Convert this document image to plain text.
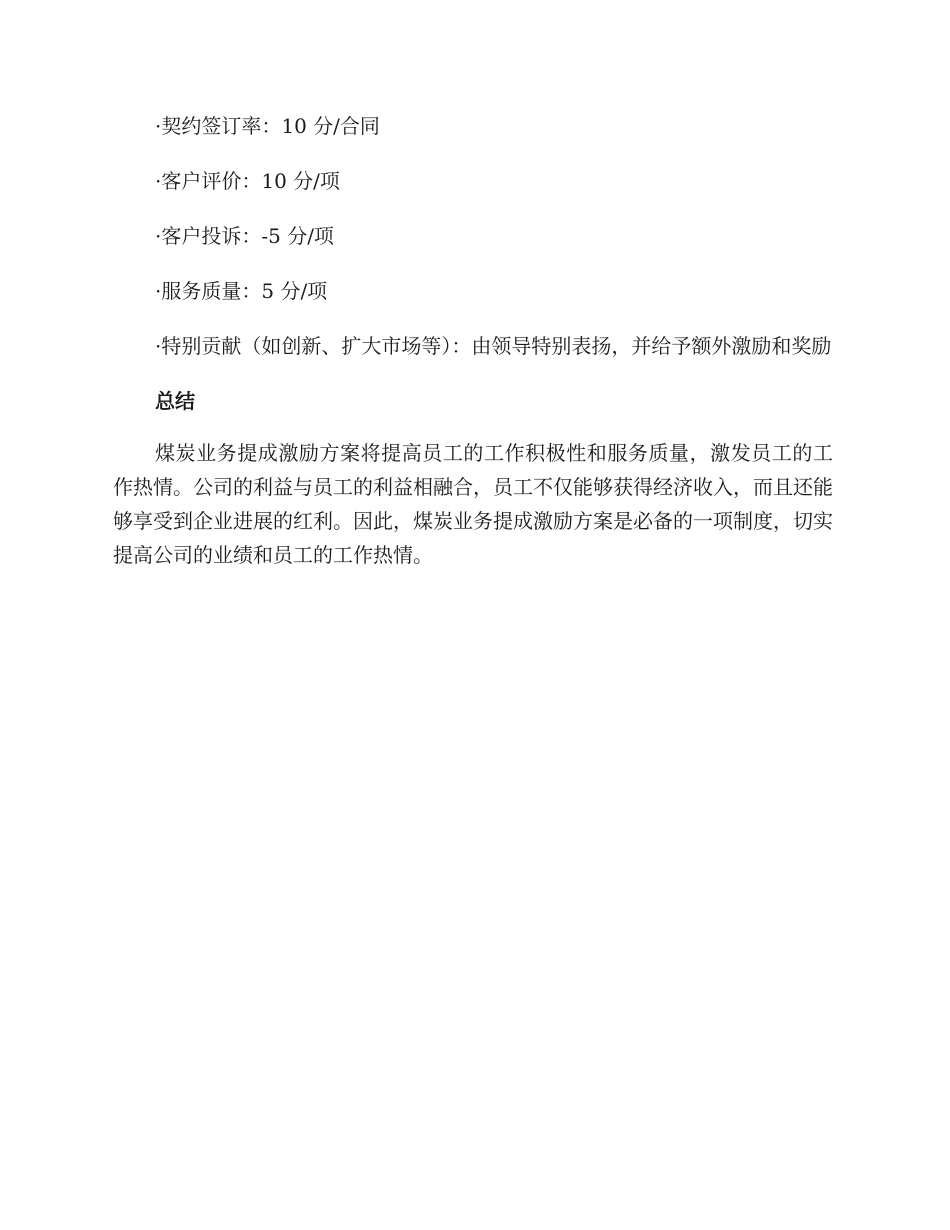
·契约签订率：10 分/合同

·客户评价：10 分/项

·客户投诉：-5 分/项

·服务质量：5 分/项

·特别贡献（如创新、扩大市场等）：由领导特别表扬，并给予额外激励和奖励

总结

煤炭业务提成激励方案将提高员工的工作积极性和服务质量，激发员工的工作热情。公司的利益与员工的利益相融合，员工不仅能够获得经济收入，而且还能够享受到企业进展的红利。因此，煤炭业务提成激励方案是必备的一项制度，切实提高公司的业绩和员工的工作热情。
